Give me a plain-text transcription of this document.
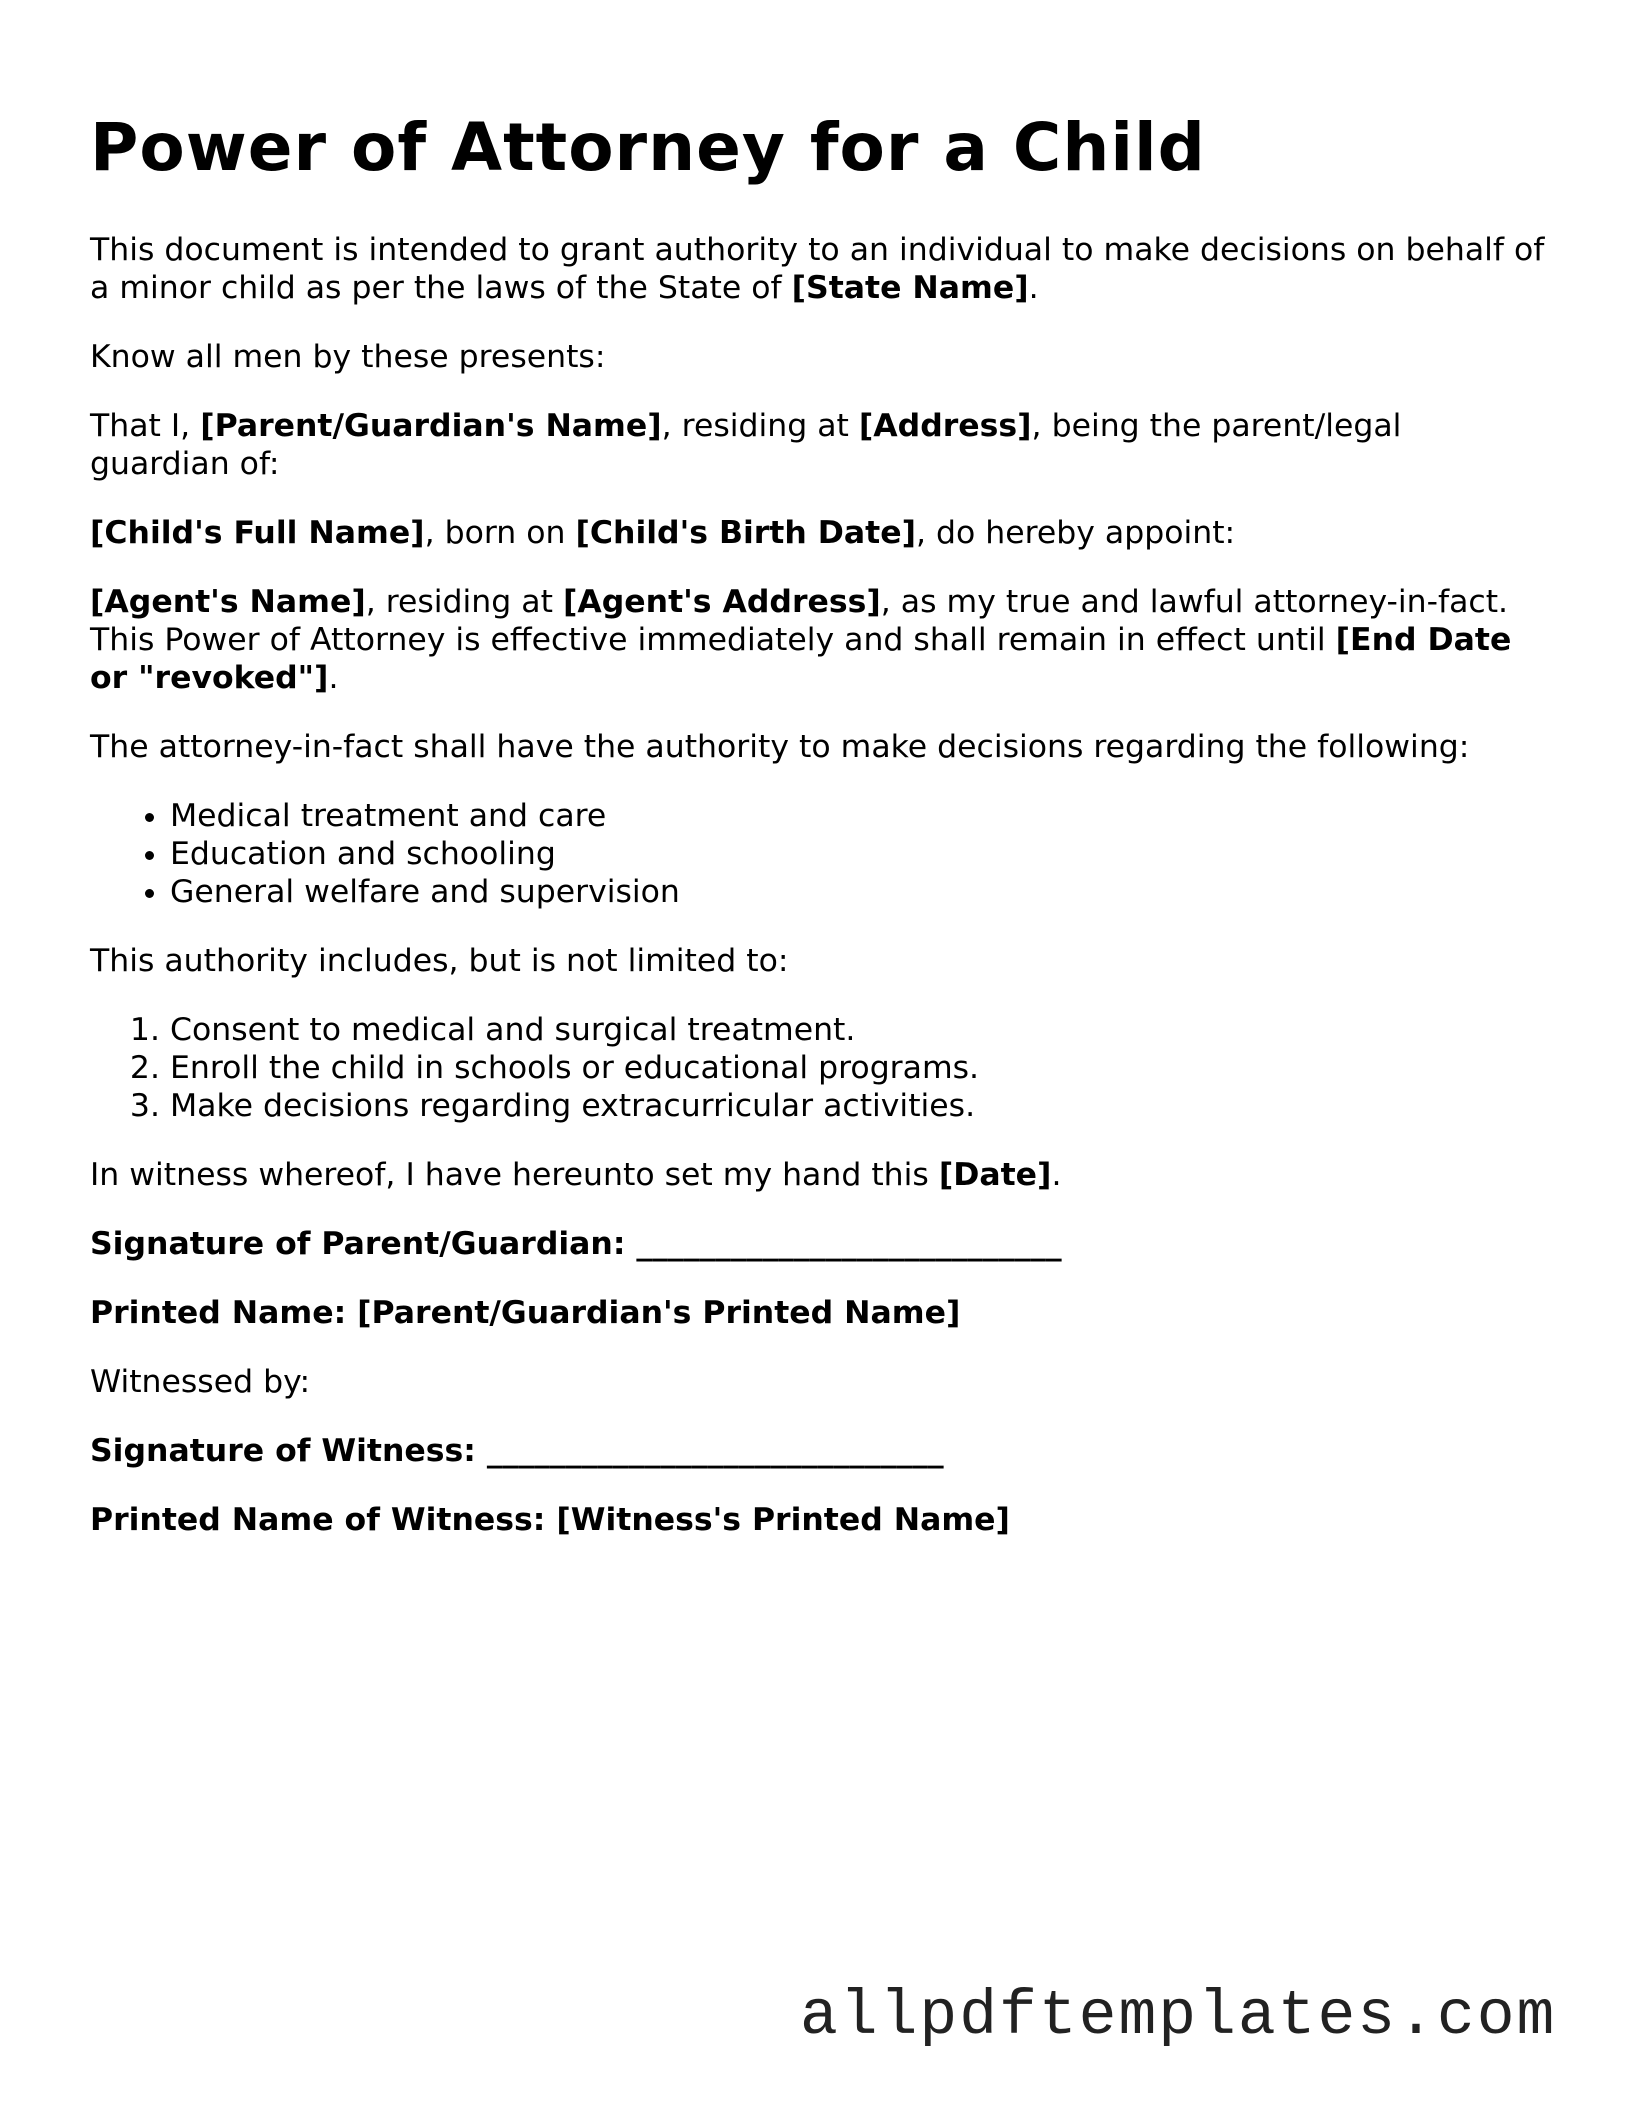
Power of Attorney for a Child

This document is intended to grant authority to an individual to make decisions on behalf of a minor child as per the laws of the State of [State Name].

Know all men by these presents:

That I, [Parent/Guardian's Name], residing at [Address], being the parent/legal guardian of:

[Child's Full Name], born on [Child's Birth Date], do hereby appoint:

[Agent's Name], residing at [Agent's Address], as my true and lawful attorney-in-fact. This Power of Attorney is effective immediately and shall remain in effect until [End Date or "revoked"].

The attorney-in-fact shall have the authority to make decisions regarding the following:

• Medical treatment and care
• Education and schooling
• General welfare and supervision

This authority includes, but is not limited to:

1. Consent to medical and surgical treatment.
2. Enroll the child in schools or educational programs.
3. Make decisions regarding extracurricular activities.

In witness whereof, I have hereunto set my hand this [Date].

Signature of Parent/Guardian: ___________________________

Printed Name: [Parent/Guardian's Printed Name]

Witnessed by:

Signature of Witness: _____________________________

Printed Name of Witness: [Witness's Printed Name]

allpdftemplates.com
